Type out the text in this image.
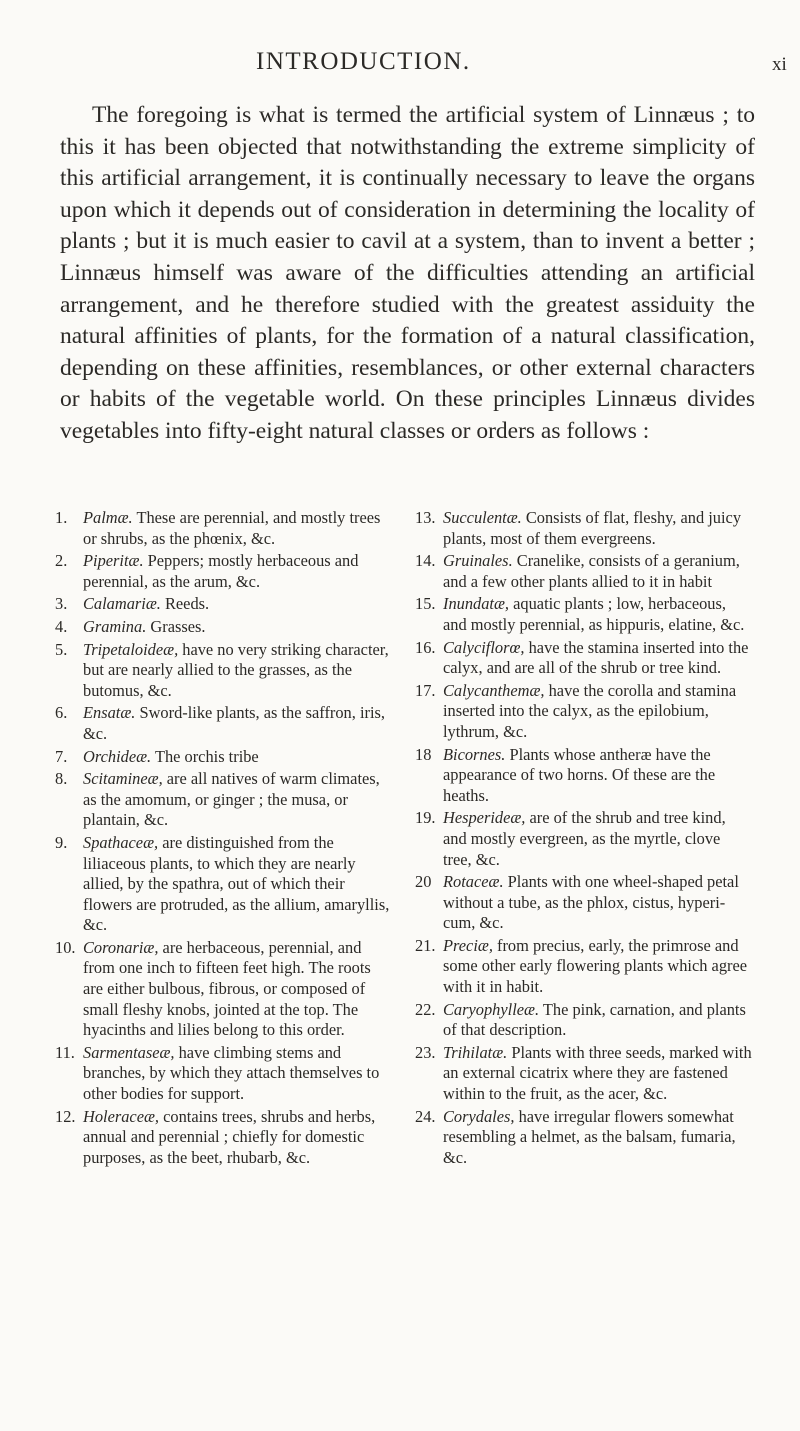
INTRODUCTION.	xi

The foregoing is what is termed the artificial system of Linnæus ; to this it has been objected that notwithstanding the extreme simplicity of this artificial arrangement, it is continually necessary to leave the organs upon which it depends out of consideration in determining the locality of plants ; but it is much easier to cavil at a system, than to invent a better ; Linnæus himself was aware of the difficulties attending an artificial arrangement, and he therefore studied with the greatest assiduity the natural affinities of plants, for the formation of a natural classification, depending on these affinities, resemblances, or other external characters or habits of the vegetable world. On these principles Linnæus divides vegetables into fifty-eight natural classes or orders as follows :

1. Palmæ. These are perennial, and mostly trees or shrubs, as the phœnix, &c.
2. Piperitæ. Peppers; mostly herbaceous and perennial, as the arum, &c.
3. Calamariæ. Reeds.
4. Gramina. Grasses.
5. Tripetaloideæ, have no very striking character, but are nearly allied to the grasses, as the butomus, &c.
6. Ensatæ. Sword-like plants, as the saffron, iris, &c.
7. Orchideæ. The orchis tribe
8. Scitamineæ, are all natives of warm climates, as the amomum, or ginger ; the musa, or plantain, &c.
9. Spathaceæ, are distinguished from the liliaceous plants, to which they are nearly allied, by the spathra, out of which their flowers are protruded, as the allium, amaryllis, &c.
10. Coronariæ, are herbaceous, perennial, and from one inch to fifteen feet high. The roots are either bulbous, fibrous, or composed of small fleshy knobs, jointed at the top. The hyacinths and lilies belong to this order.
11. Sarmentaseæ, have climbing stems and branches, by which they attach themselves to other bodies for support.
12. Holeraceæ, contains trees, shrubs and herbs, annual and perennial ; chiefly for domestic purposes, as the beet, rhubarb, &c.
13. Succulentæ. Consists of flat, fleshy, and juicy plants, most of them evergreens.
14. Gruinales. Cranelike, consists of a geranium, and a few other plants allied to it in habit
15. Inundatæ, aquatic plants ; low, herbaceous, and mostly perennial, as hippuris, elatine, &c.
16. Calyciflorœ, have the stamina inserted into the calyx, and are all of the shrub or tree kind.
17. Calycanthemæ, have the corolla and stamina inserted into the calyx, as the epilobium, lythrum, &c.
18 Bicornes. Plants whose antheræ have the appearance of two horns. Of these are the heaths.
19. Hesperideæ, are of the shrub and tree kind, and mostly evergreen, as the myrtle, clove tree, &c.
20 Rotaceæ. Plants with one wheel-shaped petal without a tube, as the phlox, cistus, hyperi-cum, &c.
21. Preciæ, from precius, early, the primrose and some other early flowering plants which agree with it in habit.
22. Caryophylleæ. The pink, carnation, and plants of that description.
23. Trihilatæ. Plants with three seeds, marked with an external cicatrix where they are fastened within to the fruit, as the acer, &c.
24. Corydales, have irregular flowers somewhat resembling a helmet, as the balsam, fumaria, &c.
